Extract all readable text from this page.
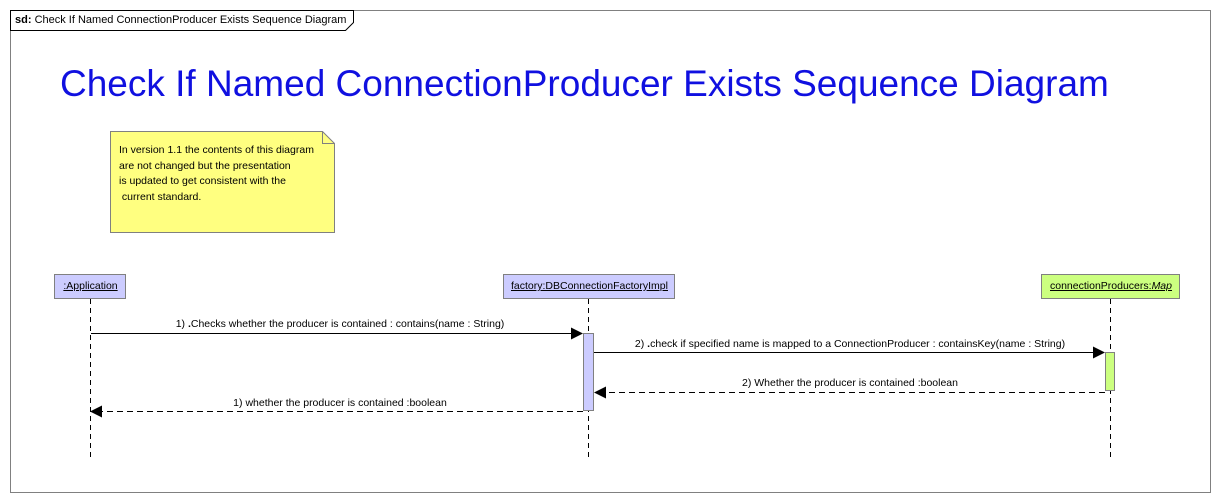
sd: Check If Named ConnectionProducer Exists Sequence Diagram
Check If Named ConnectionProducer Exists Sequence Diagram
In version 1.1 the contents of this diagram
are not changed but the presentation
is updated to get consistent with the
current standard.
:Application	factory:DBConnectionFactoryImpl	connectionProducers:Map
1) .Checks whether the producer is contained : contains(name : String)
2) .check if specified name is mapped to a ConnectionProducer : containsKey(name : String)
2) Whether the producer is contained :boolean
1) whether the producer is contained :boolean
